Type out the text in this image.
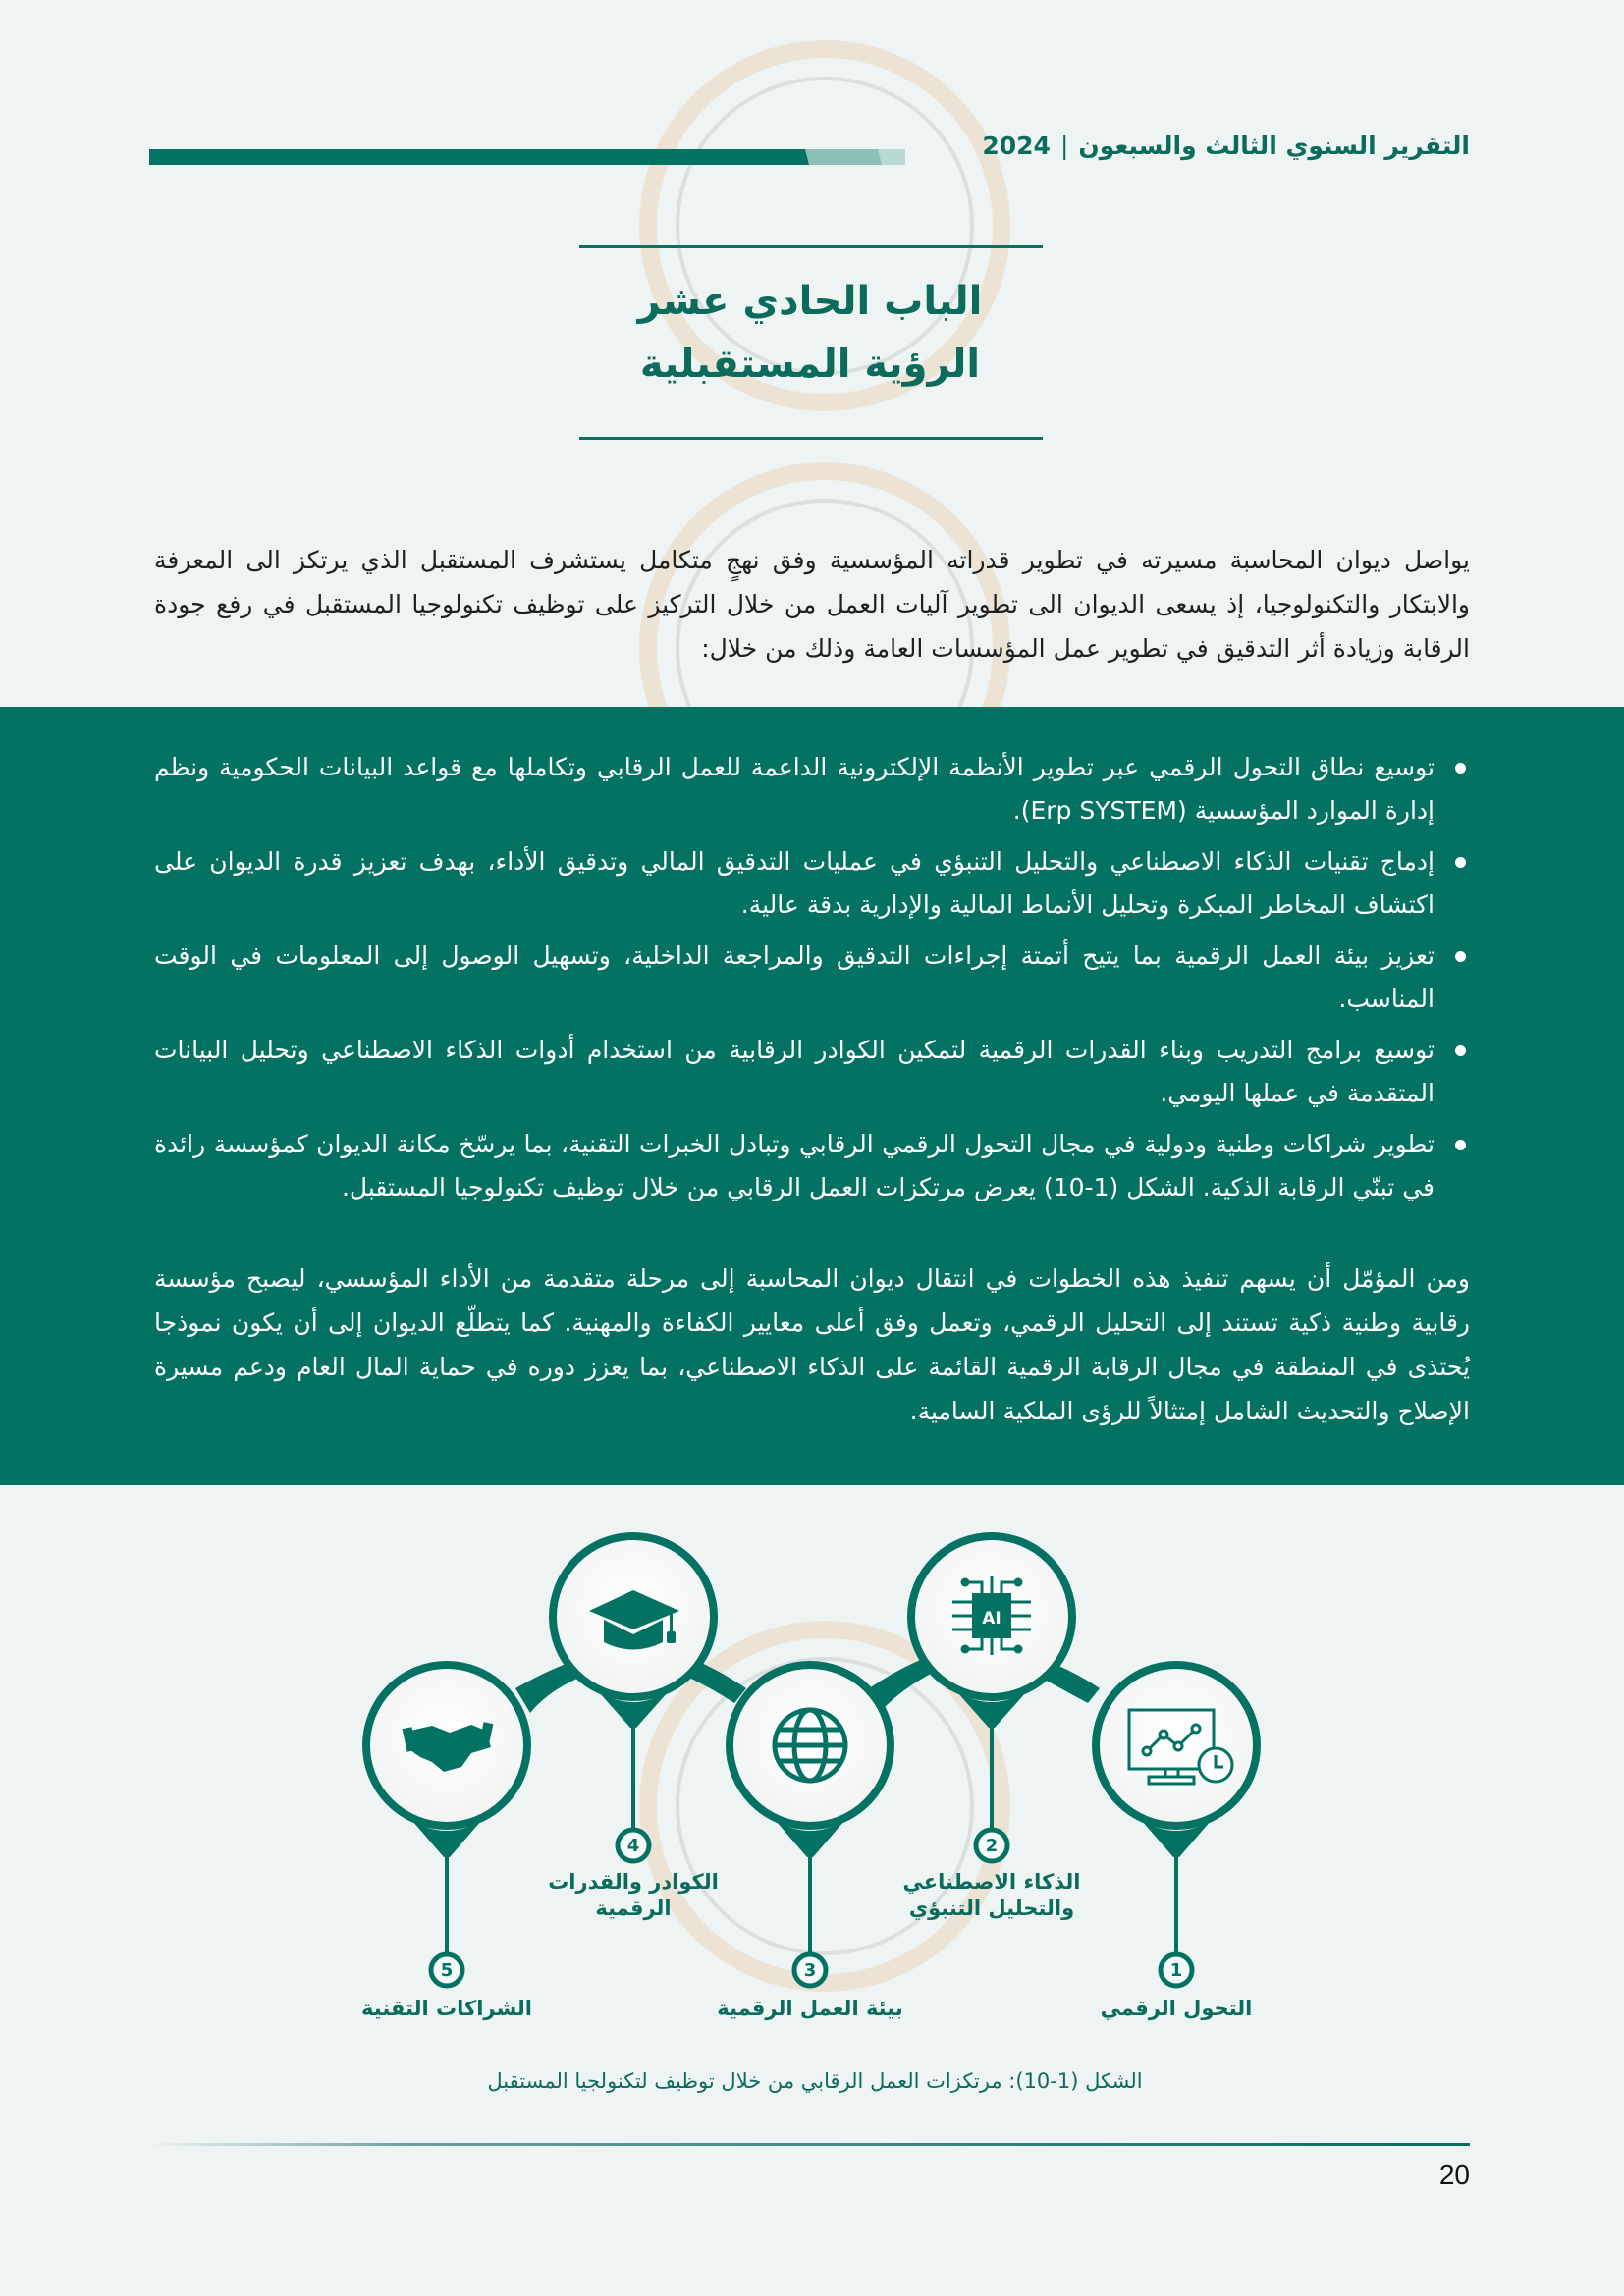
التقرير السنوي الثالث والسبعون|2024
الباب الحادي عشر
الرؤية المستقبلية

يواصل ديوان المحاسبة مسيرته في تطوير قدراته المؤسسية وفق نهجٍ متكامل يستشرف المستقبل الذي يرتكز الى المعرفة والابتكار والتكنولوجيا، إذ يسعى الديوان الى تطوير آليات العمل من خلال التركيز على توظيف تكنولوجيا المستقبل في رفع جودة الرقابة وزيادة أثر التدقيق في تطوير عمل المؤسسات العامة وذلك من خلال:

توسيع نطاق التحول الرقمي عبر تطوير الأنظمة الإلكترونية الداعمة للعمل الرقابي وتكاملها مع قواعد البيانات الحكومية ونظم إدارة الموارد المؤسسية (Erp SYSTEM).
إدماج تقنيات الذكاء الاصطناعي والتحليل التنبؤي في عمليات التدقيق المالي وتدقيق الأداء، بهدف تعزيز قدرة الديوان على اكتشاف المخاطر المبكرة وتحليل الأنماط المالية والإدارية بدقة عالية.
تعزيز بيئة العمل الرقمية بما يتيح أتمتة إجراءات التدقيق والمراجعة الداخلية، وتسهيل الوصول إلى المعلومات في الوقت المناسب.
توسيع برامج التدريب وبناء القدرات الرقمية لتمكين الكوادر الرقابية من استخدام أدوات الذكاء الاصطناعي وتحليل البيانات المتقدمة في عملها اليومي.
تطوير شراكات وطنية ودولية في مجال التحول الرقمي الرقابي وتبادل الخبرات التقنية، بما يرسّخ مكانة الديوان كمؤسسة رائدة في تبنّي الرقابة الذكية. الشكل (1-10) يعرض مرتكزات العمل الرقابي من خلال توظيف تكنولوجيا المستقبل.

ومن المؤمّل أن يسهم تنفيذ هذه الخطوات في انتقال ديوان المحاسبة إلى مرحلة متقدمة من الأداء المؤسسي، ليصبح مؤسسة رقابية وطنية ذكية تستند إلى التحليل الرقمي، وتعمل وفق أعلى معايير الكفاءة والمهنية. كما يتطلّع الديوان إلى أن يكون نموذجا يُحتذى في المنطقة في مجال الرقابة الرقمية القائمة على الذكاء الاصطناعي، بما يعزز دوره في حماية المال العام ودعم مسيرة الإصلاح والتحديث الشامل إمتثالاً للرؤى الملكية السامية.

AI
5
4
3
2
1
الشراكات التقنية
الكوادر والقدرات
الرقمية
بيئة العمل الرقمية
الذكاء الاصطناعي
والتحليل التنبؤي
التحول الرقمي
الشكل (1-10): مرتكزات العمل الرقابي من خلال توظيف لتكنولجيا المستقبل
20
